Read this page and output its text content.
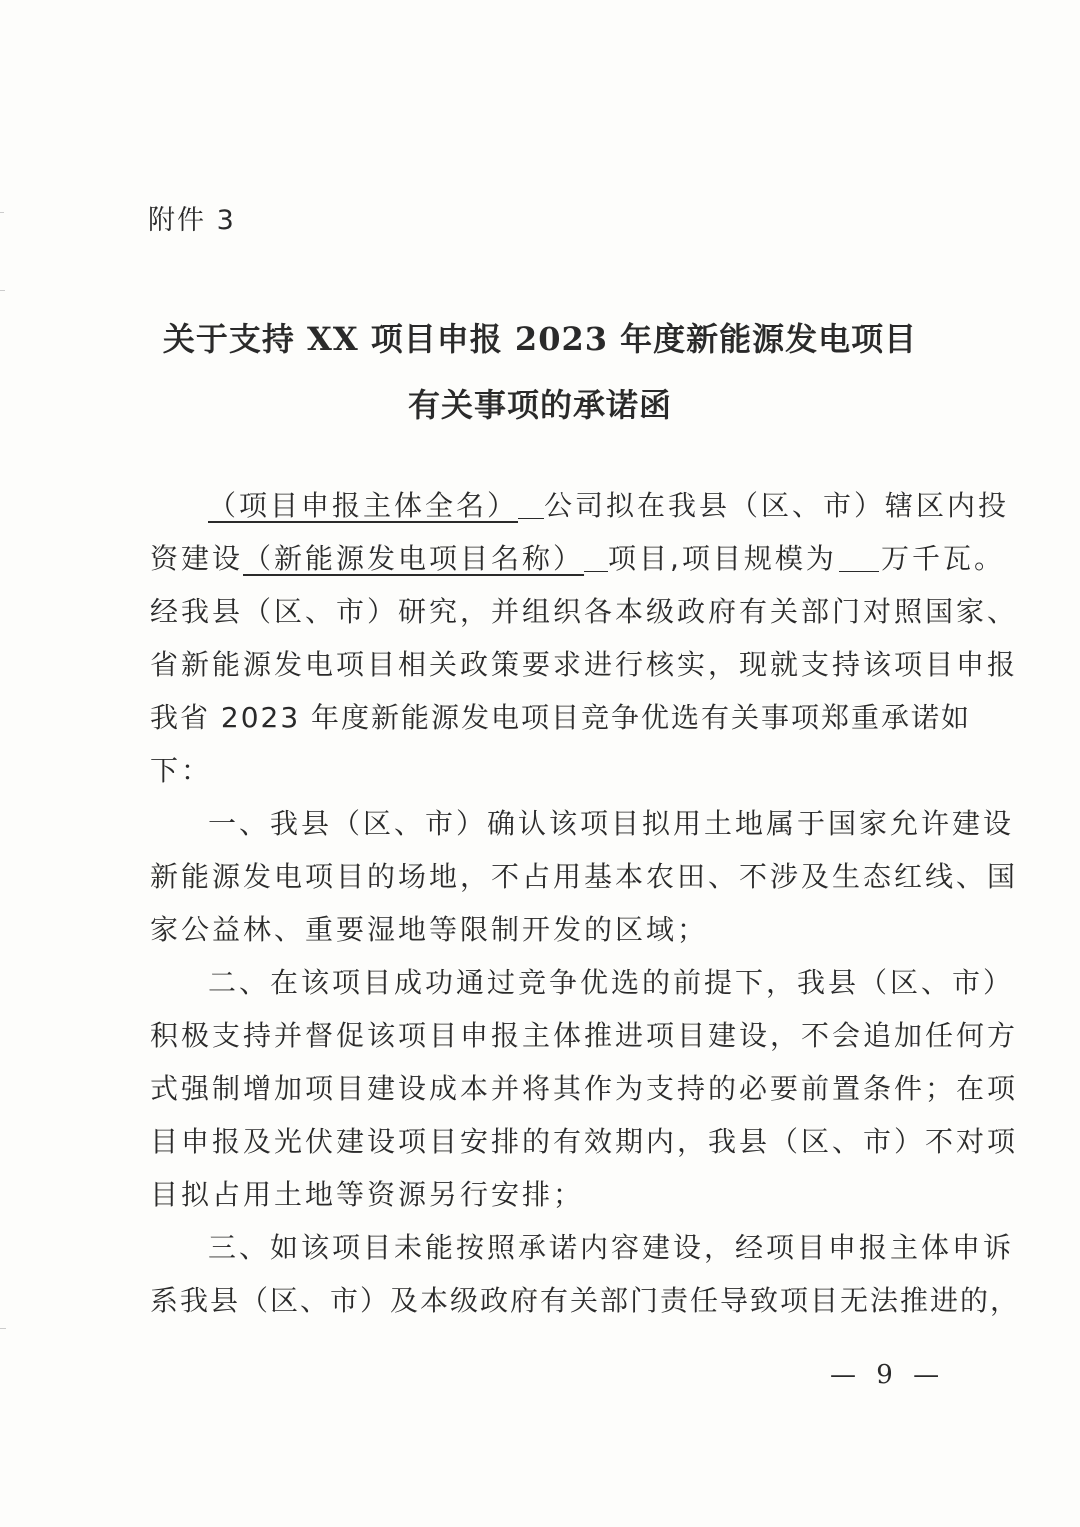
附件 3
关于支持 XX 项目申报 2023 年度新能源发电项目
有关事项的承诺函
（项目申报主体全名） 公司拟在我县（区、市）辖区内投
资建设（新能源发电项目名称） 项目,项目规模为 万千瓦。
经我县（区、市）研究，并组织各本级政府有关部门对照国家、
省新能源发电项目相关政策要求进行核实，现就支持该项目申报
我省 2023 年度新能源发电项目竞争优选有关事项郑重承诺如
下：
一、我县（区、市）确认该项目拟用土地属于国家允许建设
新能源发电项目的场地，不占用基本农田、不涉及生态红线、国
家公益林、重要湿地等限制开发的区域；
二、在该项目成功通过竞争优选的前提下，我县（区、市）
积极支持并督促该项目申报主体推进项目建设，不会追加任何方
式强制增加项目建设成本并将其作为支持的必要前置条件；在项
目申报及光伏建设项目安排的有效期内，我县（区、市）不对项
目拟占用土地等资源另行安排；
三、如该项目未能按照承诺内容建设，经项目申报主体申诉
系我县（区、市）及本级政府有关部门责任导致项目无法推进的，
— 9 —
